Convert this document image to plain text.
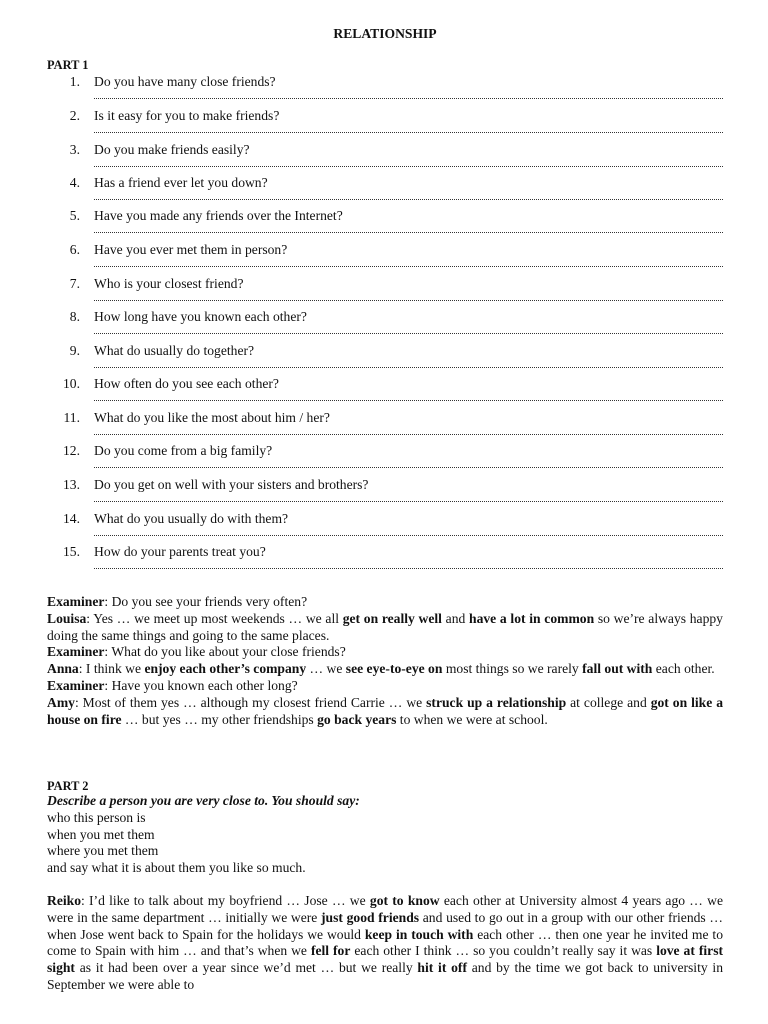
RELATIONSHIP
PART 1
1. Do you have many close friends?
2. Is it easy for you to make friends?
3. Do you make friends easily?
4. Has a friend ever let you down?
5. Have you made any friends over the Internet?
6. Have you ever met them in person?
7. Who is your closest friend?
8. How long have you known each other?
9. What do usually do together?
10. How often do you see each other?
11. What do you like the most about him / her?
12. Do you come from a big family?
13. Do you get on well with your sisters and brothers?
14. What do you usually do with them?
15. How do your parents treat you?

Examiner: Do you see your friends very often?

Louisa: Yes … we meet up most weekends … we all get on really well and have a lot in common so we’re always happy doing the same things and going to the same places.

Examiner: What do you like about your close friends?

Anna: I think we enjoy each other’s company … we see eye-to-eye on most things so we rarely fall out with each other.

Examiner: Have you known each other long?

Amy: Most of them yes … although my closest friend Carrie … we struck up a relationship at college and got on like a house on fire … but yes … my other friendships go back years to when we were at school.

PART 2

Describe a person you are very close to. You should say:

who this person is

when you met them

where you met them

and say what it is about them you like so much.

Reiko: I’d like to talk about my boyfriend … Jose … we got to know each other at University almost 4 years ago … we were in the same department … initially we were just good friends and used to go out in a group with our other friends … when Jose went back to Spain for the holidays we would keep in touch with each other … then one year he invited me to come to Spain with him … and that’s when we fell for each other I think … so you couldn’t really say it was love at first sight as it had been over a year since we’d met … but we really hit it off and by the time we got back to university in September we were able to
